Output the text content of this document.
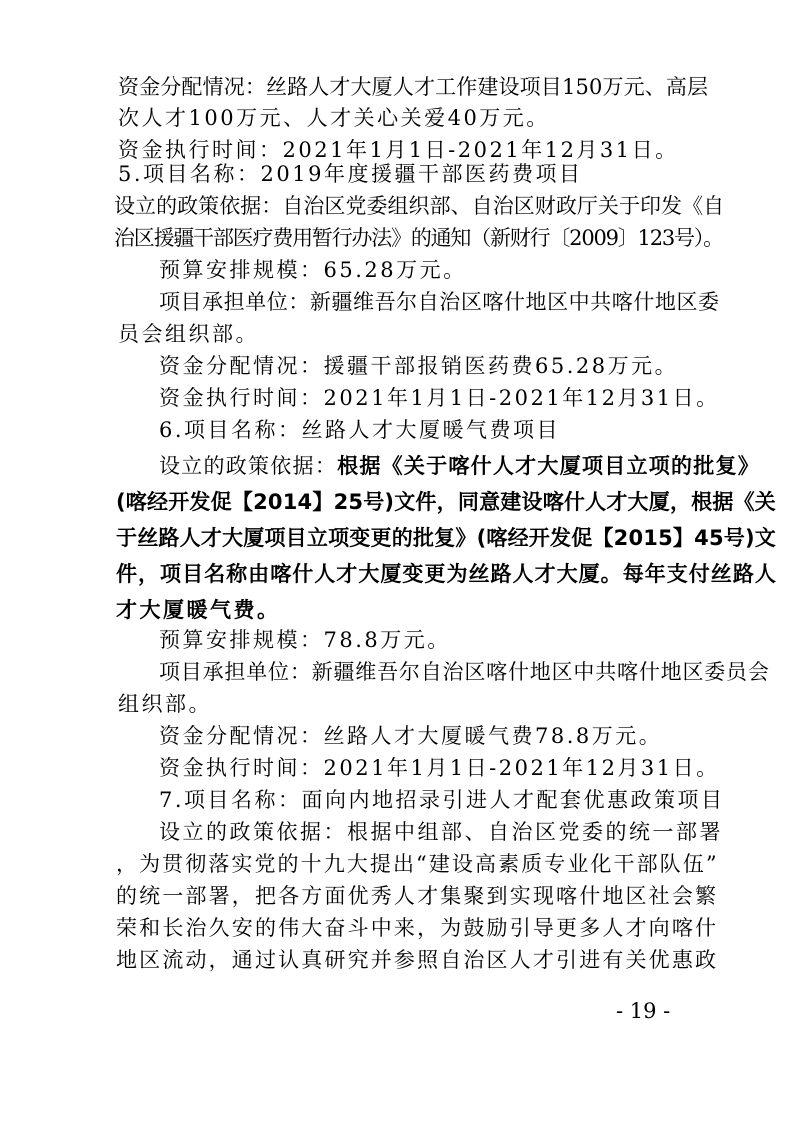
资金分配情况：丝路人才大厦人才工作建设项目150万元、高层
次人才100万元、人才关心关爱40万元。
资金执行时间：2021年1月1日-2021年12月31日。
5.项目名称：2019年度援疆干部医药费项目
设立的政策依据：自治区党委组织部、自治区财政厅关于印发《自
治区援疆干部医疗费用暂行办法》的通知（新财行〔2009〕123号）。
预算安排规模：65.28万元。
项目承担单位：新疆维吾尔自治区喀什地区中共喀什地区委
员会组织部。
资金分配情况：援疆干部报销医药费65.28万元。
资金执行时间：2021年1月1日-2021年12月31日。
6.项目名称：丝路人才大厦暖气费项目
设立的政策依据：根据《关于喀什人才大厦项目立项的批复》
(喀经开发促【2014】25号)文件，同意建设喀什人才大厦，根据《关
于丝路人才大厦项目立项变更的批复》(喀经开发促【2015】45号)文
件，项目名称由喀什人才大厦变更为丝路人才大厦。每年支付丝路人
才大厦暖气费。
预算安排规模：78.8万元。
项目承担单位：新疆维吾尔自治区喀什地区中共喀什地区委员会
组织部。
资金分配情况：丝路人才大厦暖气费78.8万元。
资金执行时间：2021年1月1日-2021年12月31日。
7.项目名称：面向内地招录引进人才配套优惠政策项目
设立的政策依据：根据中组部、自治区党委的统一部署
，为贯彻落实党的十九大提出“建设高素质专业化干部队伍”
的统一部署，把各方面优秀人才集聚到实现喀什地区社会繁
荣和长治久安的伟大奋斗中来，为鼓励引导更多人才向喀什
地区流动，通过认真研究并参照自治区人才引进有关优惠政
- 19 -
